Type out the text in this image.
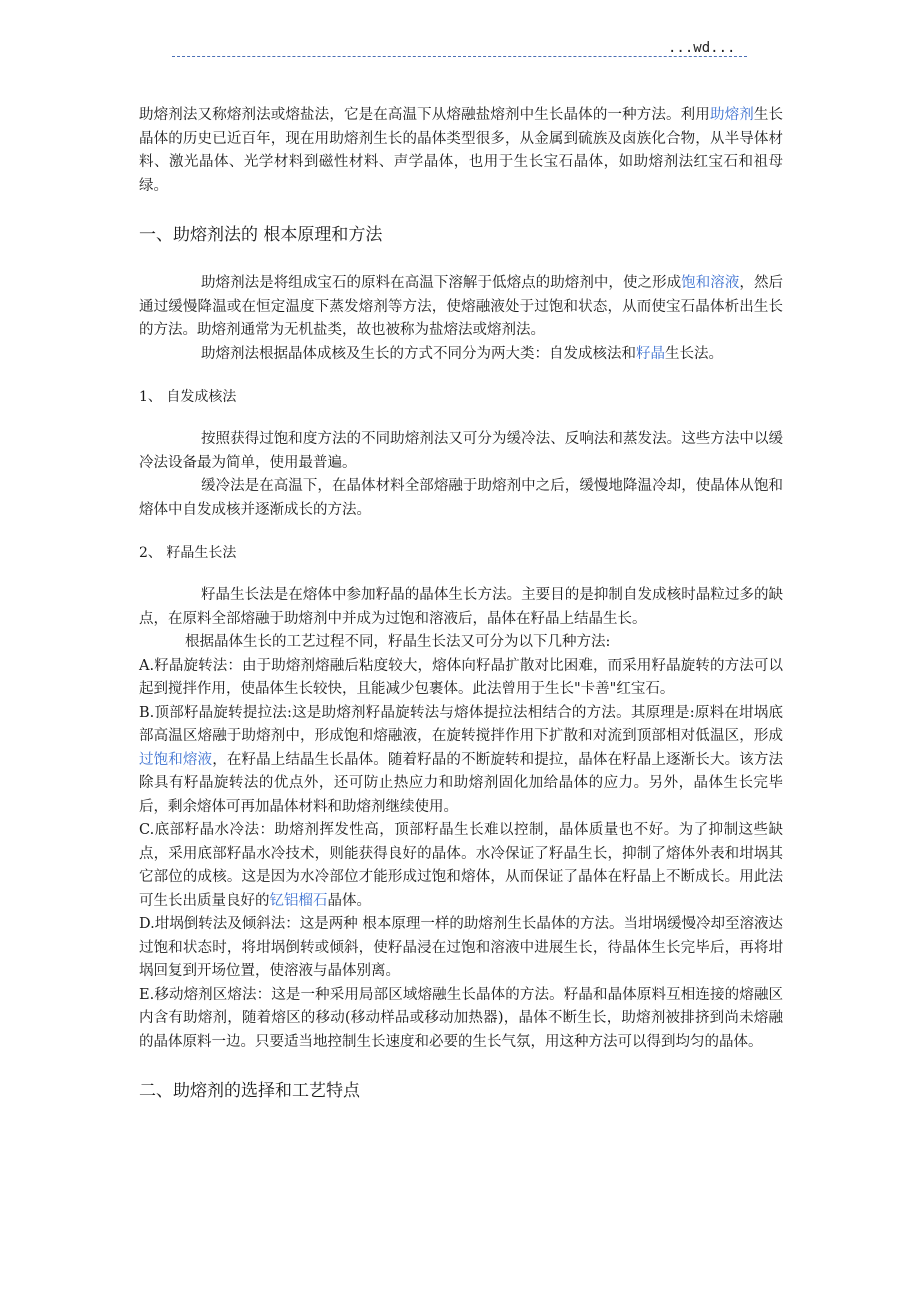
...wd...

助熔剂法又称熔剂法或熔盐法，它是在高温下从熔融盐熔剂中生长晶体的一种方法。利用助熔剂生长晶体的历史已近百年，现在用助熔剂生长的晶体类型很多，从金属到硫族及卤族化合物，从半导体材料、激光晶体、光学材料到磁性材料、声学晶体，也用于生长宝石晶体，如助熔剂法红宝石和祖母绿。

一、助熔剂法的 根本原理和方法

助熔剂法是将组成宝石的原料在高温下溶解于低熔点的助熔剂中，使之形成饱和溶液，然后通过缓慢降温或在恒定温度下蒸发熔剂等方法，使熔融液处于过饱和状态，从而使宝石晶体析出生长的方法。助熔剂通常为无机盐类，故也被称为盐熔法或熔剂法。

助熔剂法根据晶体成核及生长的方式不同分为两大类：自发成核法和籽晶生长法。

1、 自发成核法

按照获得过饱和度方法的不同助熔剂法又可分为缓冷法、反响法和蒸发法。这些方法中以缓冷法设备最为简单，使用最普遍。

缓冷法是在高温下，在晶体材料全部熔融于助熔剂中之后，缓慢地降温冷却，使晶体从饱和熔体中自发成核并逐渐成长的方法。

2、 籽晶生长法

籽晶生长法是在熔体中参加籽晶的晶体生长方法。主要目的是抑制自发成核时晶粒过多的缺点，在原料全部熔融于助熔剂中并成为过饱和溶液后，晶体在籽晶上结晶生长。

根据晶体生长的工艺过程不同，籽晶生长法又可分为以下几种方法:

A.籽晶旋转法：由于助熔剂熔融后粘度较大，熔体向籽晶扩散对比困难，而采用籽晶旋转的方法可以起到搅拌作用，使晶体生长较快，且能减少包裹体。此法曾用于生长"卡善"红宝石。

B.顶部籽晶旋转提拉法:这是助熔剂籽晶旋转法与熔体提拉法相结合的方法。其原理是:原料在坩埚底部高温区熔融于助熔剂中，形成饱和熔融液，在旋转搅拌作用下扩散和对流到顶部相对低温区，形成过饱和熔液，在籽晶上结晶生长晶体。随着籽晶的不断旋转和提拉，晶体在籽晶上逐渐长大。该方法除具有籽晶旋转法的优点外，还可防止热应力和助熔剂固化加给晶体的应力。另外，晶体生长完毕后，剩余熔体可再加晶体材料和助熔剂继续使用。

C.底部籽晶水冷法：助熔剂挥发性高，顶部籽晶生长难以控制，晶体质量也不好。为了抑制这些缺点，采用底部籽晶水冷技术，则能获得良好的晶体。水冷保证了籽晶生长，抑制了熔体外表和坩埚其它部位的成核。这是因为水冷部位才能形成过饱和熔体，从而保证了晶体在籽晶上不断成长。用此法可生长出质量良好的钇铝榴石晶体。

D.坩埚倒转法及倾斜法：这是两种 根本原理一样的助熔剂生长晶体的方法。当坩埚缓慢冷却至溶液达过饱和状态时，将坩埚倒转或倾斜，使籽晶浸在过饱和溶液中进展生长，待晶体生长完毕后，再将坩埚回复到开场位置，使溶液与晶体别离。

E.移动熔剂区熔法：这是一种采用局部区域熔融生长晶体的方法。籽晶和晶体原料互相连接的熔融区内含有助熔剂，随着熔区的移动(移动样品或移动加热器)，晶体不断生长，助熔剂被排挤到尚未熔融的晶体原料一边。只要适当地控制生长速度和必要的生长气氛，用这种方法可以得到均匀的晶体。

二、助熔剂的选择和工艺特点
